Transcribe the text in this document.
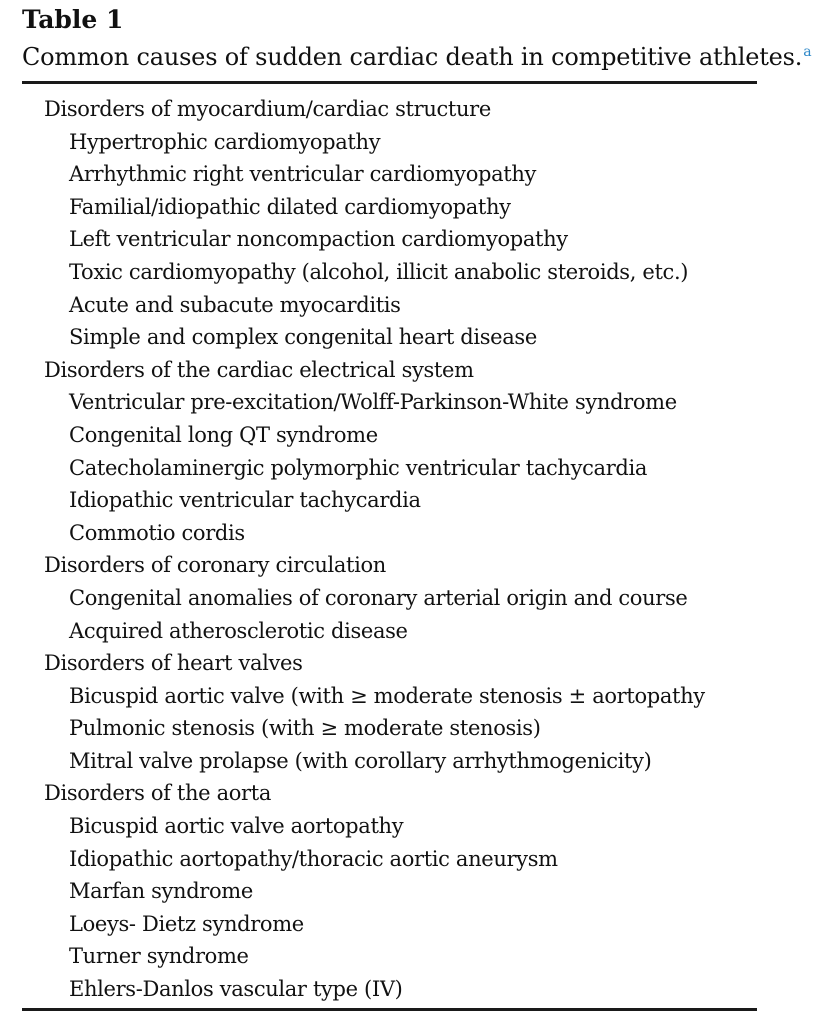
Table 1
Common causes of sudden cardiac death in competitive athletes.$^a$
Disorders of myocardium/cardiac structure
Hypertrophic cardiomyopathy
Arrhythmic right ventricular cardiomyopathy
Familial/idiopathic dilated cardiomyopathy
Left ventricular noncompaction cardiomyopathy
Toxic cardiomyopathy (alcohol, illicit anabolic steroids, etc.)
Acute and subacute myocarditis
Simple and complex congenital heart disease
Disorders of the cardiac electrical system
Ventricular pre-excitation/Wolff-Parkinson-White syndrome
Congenital long QT syndrome
Catecholaminergic polymorphic ventricular tachycardia
Idiopathic ventricular tachycardia
Commotio cordis
Disorders of coronary circulation
Congenital anomalies of coronary arterial origin and course
Acquired atherosclerotic disease
Disorders of heart valves
Bicuspid aortic valve (with ≥ moderate stenosis ± aortopathy
Pulmonic stenosis (with ≥ moderate stenosis)
Mitral valve prolapse (with corollary arrhythmogenicity)
Disorders of the aorta
Bicuspid aortic valve aortopathy
Idiopathic aortopathy/thoracic aortic aneurysm
Marfan syndrome
Loeys- Dietz syndrome
Turner syndrome
Ehlers-Danlos vascular type (IV)
